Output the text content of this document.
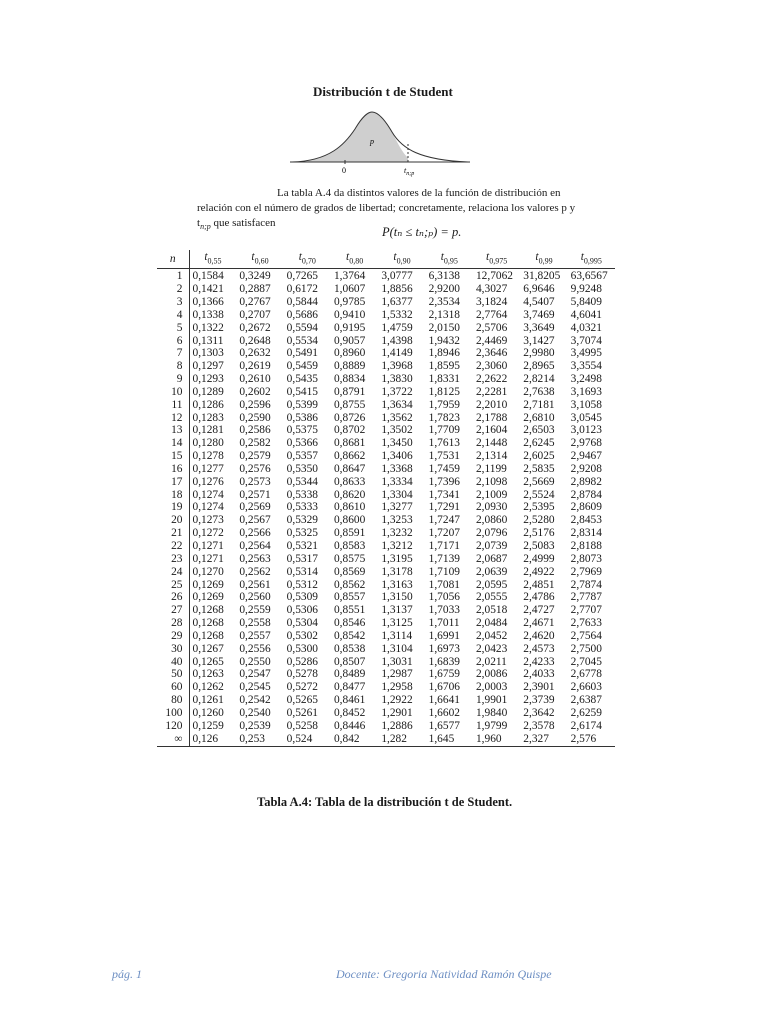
Distribución t de Student
p
0	$t_{n;p}$

La tabla A.4 da distintos valores de la función de distribución en relación con el número de grados de libertad; concretamente, relaciona los valores p y $t_{n;p}$ que satisfacen

P(tₙ ≤ tₙ;ₚ) = p.
n	$t_{0,55}$	$t_{0,60}$	$t_{0,70}$	$t_{0,80}$	$t_{0,90}$	$t_{0,95}$	$t_{0,975}$	$t_{0,99}$	$t_{0,995}$
1	0,1584	0,3249	0,7265	1,3764	3,0777	6,3138	12,7062	31,8205	63,6567
2	0,1421	0,2887	0,6172	1,0607	1,8856	2,9200	4,3027	6,9646	9,9248
3	0,1366	0,2767	0,5844	0,9785	1,6377	2,3534	3,1824	4,5407	5,8409
4	0,1338	0,2707	0,5686	0,9410	1,5332	2,1318	2,7764	3,7469	4,6041
5	0,1322	0,2672	0,5594	0,9195	1,4759	2,0150	2,5706	3,3649	4,0321
6	0,1311	0,2648	0,5534	0,9057	1,4398	1,9432	2,4469	3,1427	3,7074
7	0,1303	0,2632	0,5491	0,8960	1,4149	1,8946	2,3646	2,9980	3,4995
8	0,1297	0,2619	0,5459	0,8889	1,3968	1,8595	2,3060	2,8965	3,3554
9	0,1293	0,2610	0,5435	0,8834	1,3830	1,8331	2,2622	2,8214	3,2498
10	0,1289	0,2602	0,5415	0,8791	1,3722	1,8125	2,2281	2,7638	3,1693
11	0,1286	0,2596	0,5399	0,8755	1,3634	1,7959	2,2010	2,7181	3,1058
12	0,1283	0,2590	0,5386	0,8726	1,3562	1,7823	2,1788	2,6810	3,0545
13	0,1281	0,2586	0,5375	0,8702	1,3502	1,7709	2,1604	2,6503	3,0123
14	0,1280	0,2582	0,5366	0,8681	1,3450	1,7613	2,1448	2,6245	2,9768
15	0,1278	0,2579	0,5357	0,8662	1,3406	1,7531	2,1314	2,6025	2,9467
16	0,1277	0,2576	0,5350	0,8647	1,3368	1,7459	2,1199	2,5835	2,9208
17	0,1276	0,2573	0,5344	0,8633	1,3334	1,7396	2,1098	2,5669	2,8982
18	0,1274	0,2571	0,5338	0,8620	1,3304	1,7341	2,1009	2,5524	2,8784
19	0,1274	0,2569	0,5333	0,8610	1,3277	1,7291	2,0930	2,5395	2,8609
20	0,1273	0,2567	0,5329	0,8600	1,3253	1,7247	2,0860	2,5280	2,8453
21	0,1272	0,2566	0,5325	0,8591	1,3232	1,7207	2,0796	2,5176	2,8314
22	0,1271	0,2564	0,5321	0,8583	1,3212	1,7171	2,0739	2,5083	2,8188
23	0,1271	0,2563	0,5317	0,8575	1,3195	1,7139	2,0687	2,4999	2,8073
24	0,1270	0,2562	0,5314	0,8569	1,3178	1,7109	2,0639	2,4922	2,7969
25	0,1269	0,2561	0,5312	0,8562	1,3163	1,7081	2,0595	2,4851	2,7874
26	0,1269	0,2560	0,5309	0,8557	1,3150	1,7056	2,0555	2,4786	2,7787
27	0,1268	0,2559	0,5306	0,8551	1,3137	1,7033	2,0518	2,4727	2,7707
28	0,1268	0,2558	0,5304	0,8546	1,3125	1,7011	2,0484	2,4671	2,7633
29	0,1268	0,2557	0,5302	0,8542	1,3114	1,6991	2,0452	2,4620	2,7564
30	0,1267	0,2556	0,5300	0,8538	1,3104	1,6973	2,0423	2,4573	2,7500
40	0,1265	0,2550	0,5286	0,8507	1,3031	1,6839	2,0211	2,4233	2,7045
50	0,1263	0,2547	0,5278	0,8489	1,2987	1,6759	2,0086	2,4033	2,6778
60	0,1262	0,2545	0,5272	0,8477	1,2958	1,6706	2,0003	2,3901	2,6603
80	0,1261	0,2542	0,5265	0,8461	1,2922	1,6641	1,9901	2,3739	2,6387
100	0,1260	0,2540	0,5261	0,8452	1,2901	1,6602	1,9840	2,3642	2,6259
120	0,1259	0,2539	0,5258	0,8446	1,2886	1,6577	1,9799	2,3578	2,6174
∞	0,126	0,253	0,524	0,842	1,282	1,645	1,960	2,327	2,576
Tabla A.4: Tabla de la distribución t de Student.
pág. 1	Docente: Gregoria Natividad Ramón Quispe
